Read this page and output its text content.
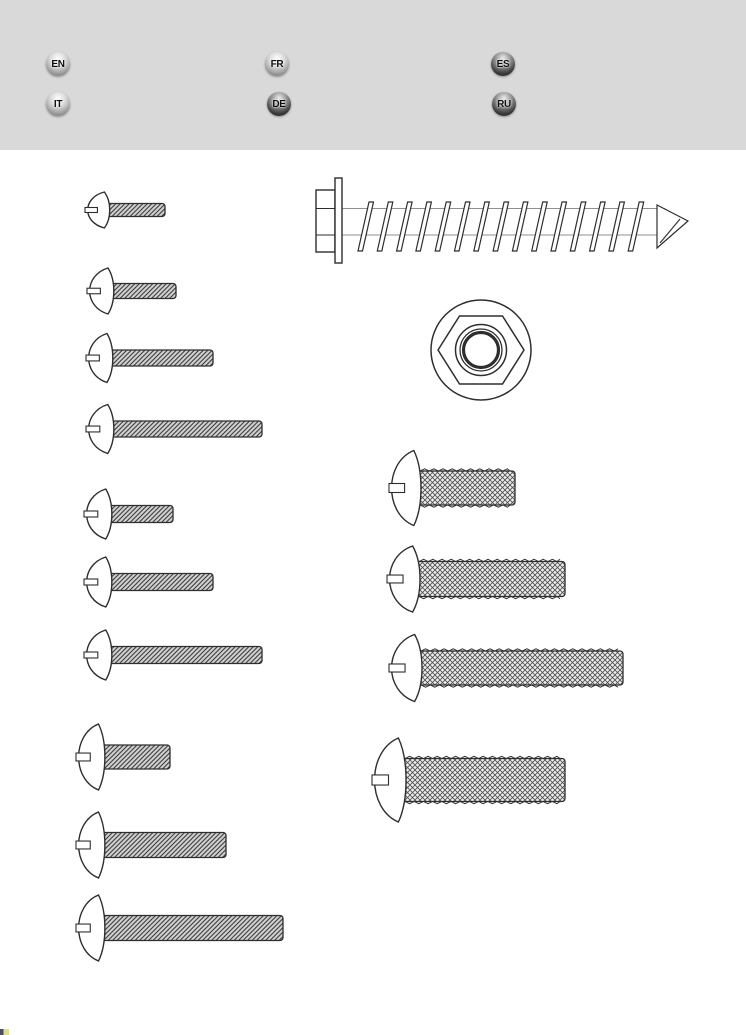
EN	FR	ES
IT	DE	RU
